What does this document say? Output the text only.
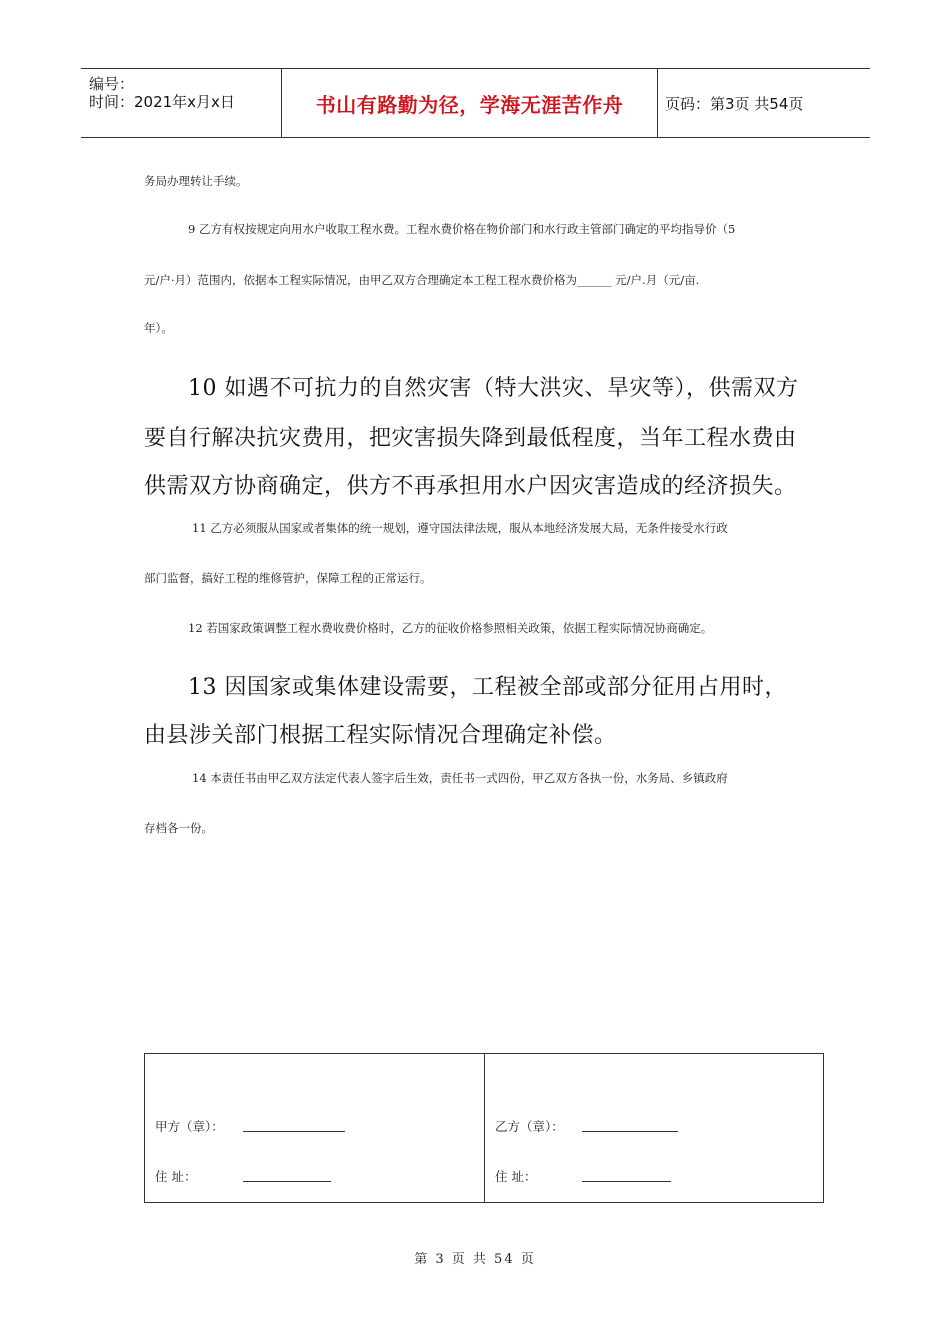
编号：
时间：2021年x月x日	书山有路勤为径，学海无涯苦作舟	页码：第3页 共54页
务局办理转让手续。
9 乙方有权按规定向用水户收取工程水费。工程水费价格在物价部门和水行政主管部门确定的平均指导价（5
元/户·月）范围内，依据本工程实际情况，由甲乙双方合理确定本工程工程水费价格为______ 元/户.月（元/亩.
年）。
10 如遇不可抗力的自然灾害（特大洪灾、旱灾等），供需双方
要自行解决抗灾费用，把灾害损失降到最低程度，当年工程水费由
供需双方协商确定，供方不再承担用水户因灾害造成的经济损失。
11 乙方必须服从国家或者集体的统一规划，遵守国法律法规，服从本地经济发展大局，无条件接受水行政
部门监督，搞好工程的维修管护，保障工程的正常运行。
12 若国家政策调整工程水费收费价格时，乙方的征收价格参照相关政策，依据工程实际情况协商确定。
13 因国家或集体建设需要，工程被全部或部分征用占用时，
由县涉关部门根据工程实际情况合理确定补偿。
14 本责任书由甲乙双方法定代表人签字后生效，责任书一式四份，甲乙双方各执一份，水务局、乡镇政府
存档各一份。
甲方（章）：
住 址：
乙方（章）：
住 址：
第 3 页 共 54 页
